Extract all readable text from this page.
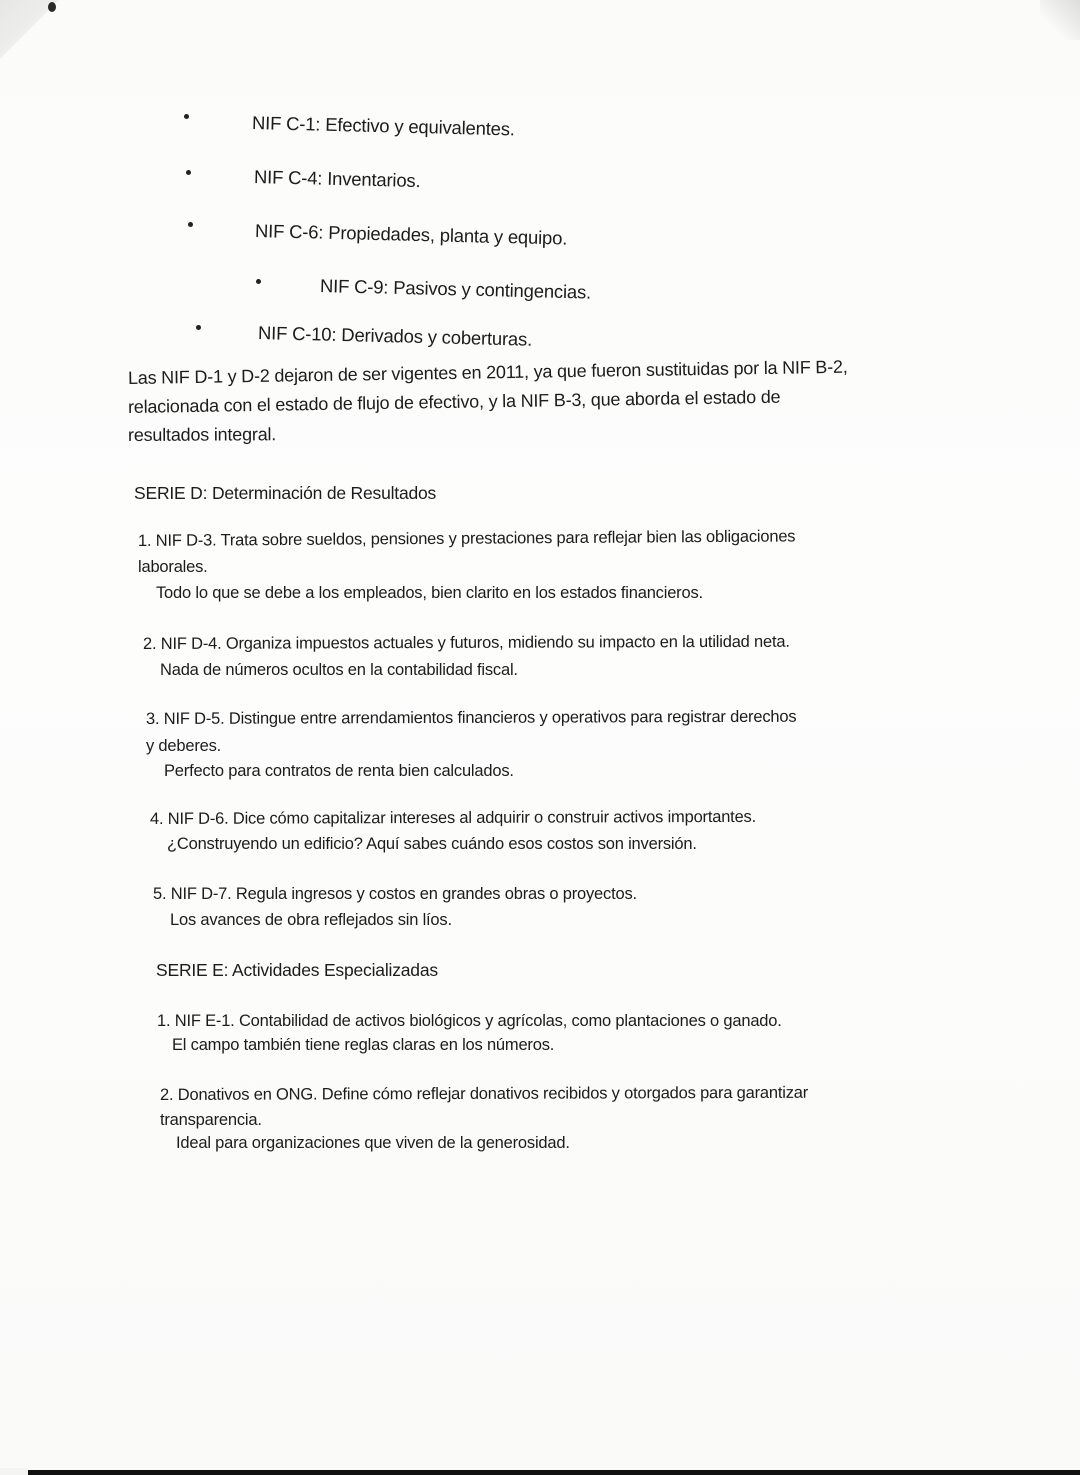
NIF C-1: Efectivo y equivalentes.
NIF C-4: Inventarios.
NIF C-6: Propiedades, planta y equipo.
NIF C-9: Pasivos y contingencias.
NIF C-10: Derivados y coberturas.
Las NIF D-1 y D-2 dejaron de ser vigentes en 2011, ya que fueron sustituidas por la NIF B-2,
relacionada con el estado de flujo de efectivo, y la NIF B-3, que aborda el estado de
resultados integral.
SERIE D: Determinación de Resultados
1. NIF D-3. Trata sobre sueldos, pensiones y prestaciones para reflejar bien las obligaciones
laborales.
Todo lo que se debe a los empleados, bien clarito en los estados financieros.
2. NIF D-4. Organiza impuestos actuales y futuros, midiendo su impacto en la utilidad neta.
Nada de números ocultos en la contabilidad fiscal.
3. NIF D-5. Distingue entre arrendamientos financieros y operativos para registrar derechos
y deberes.
Perfecto para contratos de renta bien calculados.
4. NIF D-6. Dice cómo capitalizar intereses al adquirir o construir activos importantes.
¿Construyendo un edificio? Aquí sabes cuándo esos costos son inversión.
5. NIF D-7. Regula ingresos y costos en grandes obras o proyectos.
Los avances de obra reflejados sin líos.
SERIE E: Actividades Especializadas
1. NIF E-1. Contabilidad de activos biológicos y agrícolas, como plantaciones o ganado.
El campo también tiene reglas claras en los números.
2. Donativos en ONG. Define cómo reflejar donativos recibidos y otorgados para garantizar
transparencia.
Ideal para organizaciones que viven de la generosidad.
